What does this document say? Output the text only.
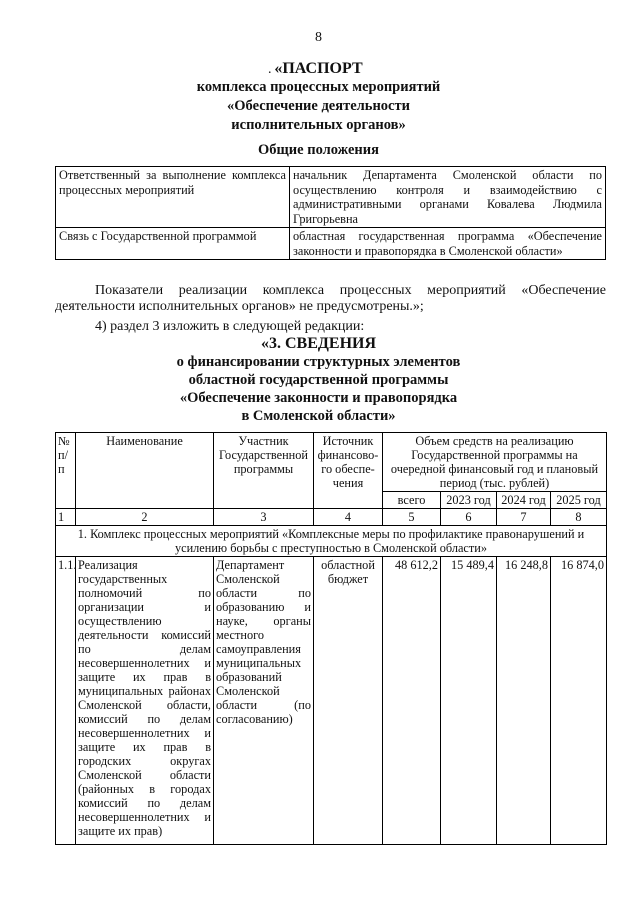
8
. «ПАСПОРТ
комплекса процессных мероприятий
«Обеспечение деятельности
исполнительных органов»
Общие положения
Ответственный за выполнение комплекса процессных мероприятий	начальник Департамента Смоленской области по осуществлению контроля и взаимодействию с административными органами Ковалева Людмила Григорьевна
Связь с Государственной программой	областная государственная программа «Обеспечение законности и правопорядка в Смоленской области»
Показатели реализации комплекса процессных мероприятий «Обеспечение деятельности исполнительных органов» не предусмотрены.»;
4) раздел 3 изложить в следующей редакции:
«3. СВЕДЕНИЯ
о финансировании структурных элементов
областной государственной программы
«Обеспечение законности и правопорядка
в Смоленской области»
№ п/п	Наименование	Участник Государственной программы	Источник финансово-го обеспе-чения	Объем средств на реализацию Государственной программы на очередной финансовый год и плановый период (тыс. рублей)			
				всего	2023 год	2024 год	2025 год
1	2	3	4	5	6	7	8
1. Комплекс процессных мероприятий «Комплексные меры по профилактике правонарушений и усилению борьбы с преступностью в Смоленской области»							
1.1.	Реализация государственных полномочий по организации и осуществлению деятельности комиссий по делам несовершеннолетних и защите их прав в муниципальных районах Смоленской области, комиссий по делам несовершеннолетних и защите их прав в городских округах Смоленской области (районных в городах комиссий по делам несовершеннолетних и защите их прав)	Департамент Смоленской области по образованию и науке, органы местного самоуправления муниципальных образований Смоленской области (по согласованию)	областной бюджет	48 612,2	15 489,4	16 248,8	16 874,0
